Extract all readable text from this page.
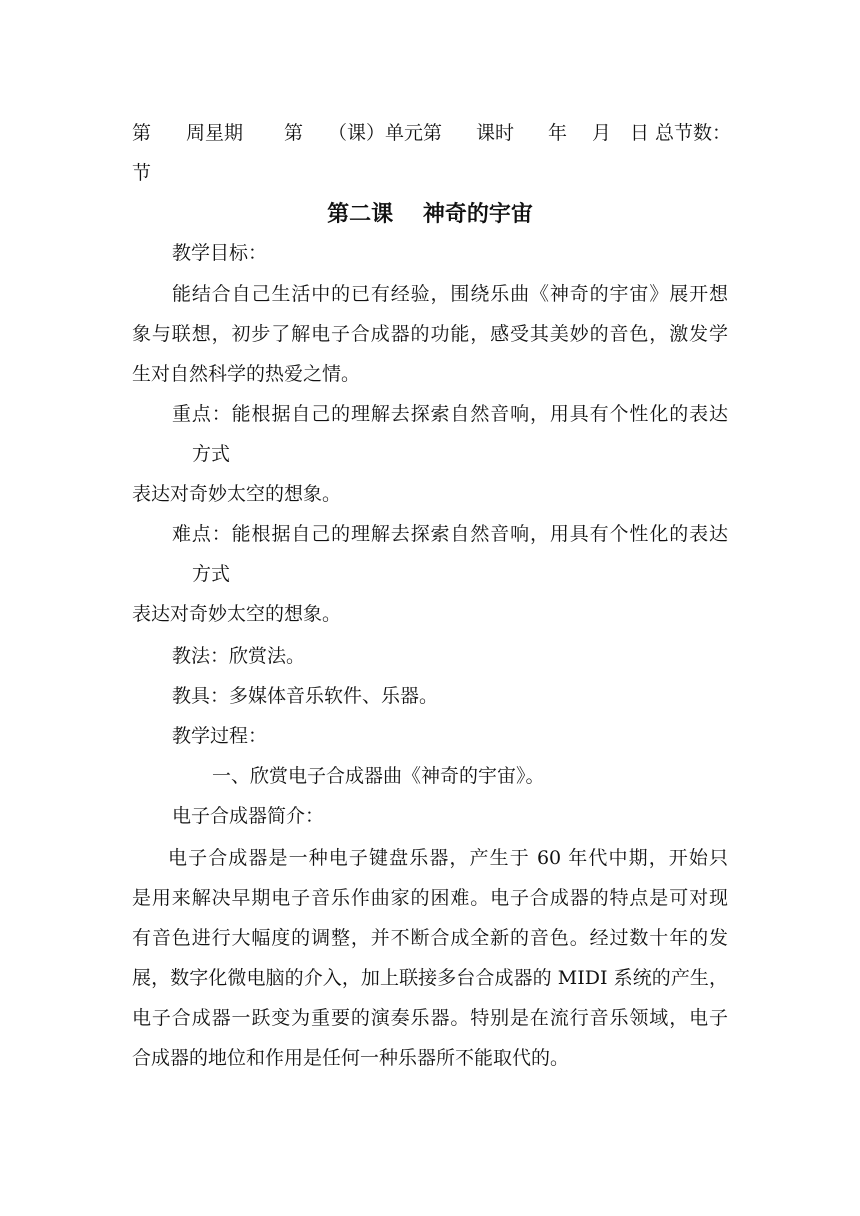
第 周星期 第 （课）单元第 课时 年 月 日 总节数：
节
第二课　 神奇的宇宙
教学目标：
能结合自己生活中的已有经验，围绕乐曲《神奇的宇宙》展开想
象与联想，初步了解电子合成器的功能，感受其美妙的音色，激发学
生对自然科学的热爱之情。
重点：能根据自己的理解去探索自然音响，用具有个性化的表达
方式
表达对奇妙太空的想象。
难点：能根据自己的理解去探索自然音响，用具有个性化的表达
方式
表达对奇妙太空的想象。
教法：欣赏法。
教具：多媒体音乐软件、乐器。
教学过程：
一、欣赏电子合成器曲《神奇的宇宙》。
电子合成器简介：
电子合成器是一种电子键盘乐器，产生于 60 年代中期，开始只
是用来解决早期电子音乐作曲家的困难。电子合成器的特点是可对现
有音色进行大幅度的调整，并不断合成全新的音色。经过数十年的发
展，数字化微电脑的介入，加上联接多台合成器的 MIDI 系统的产生，
电子合成器一跃变为重要的演奏乐器。特别是在流行音乐领域，电子
合成器的地位和作用是任何一种乐器所不能取代的。
